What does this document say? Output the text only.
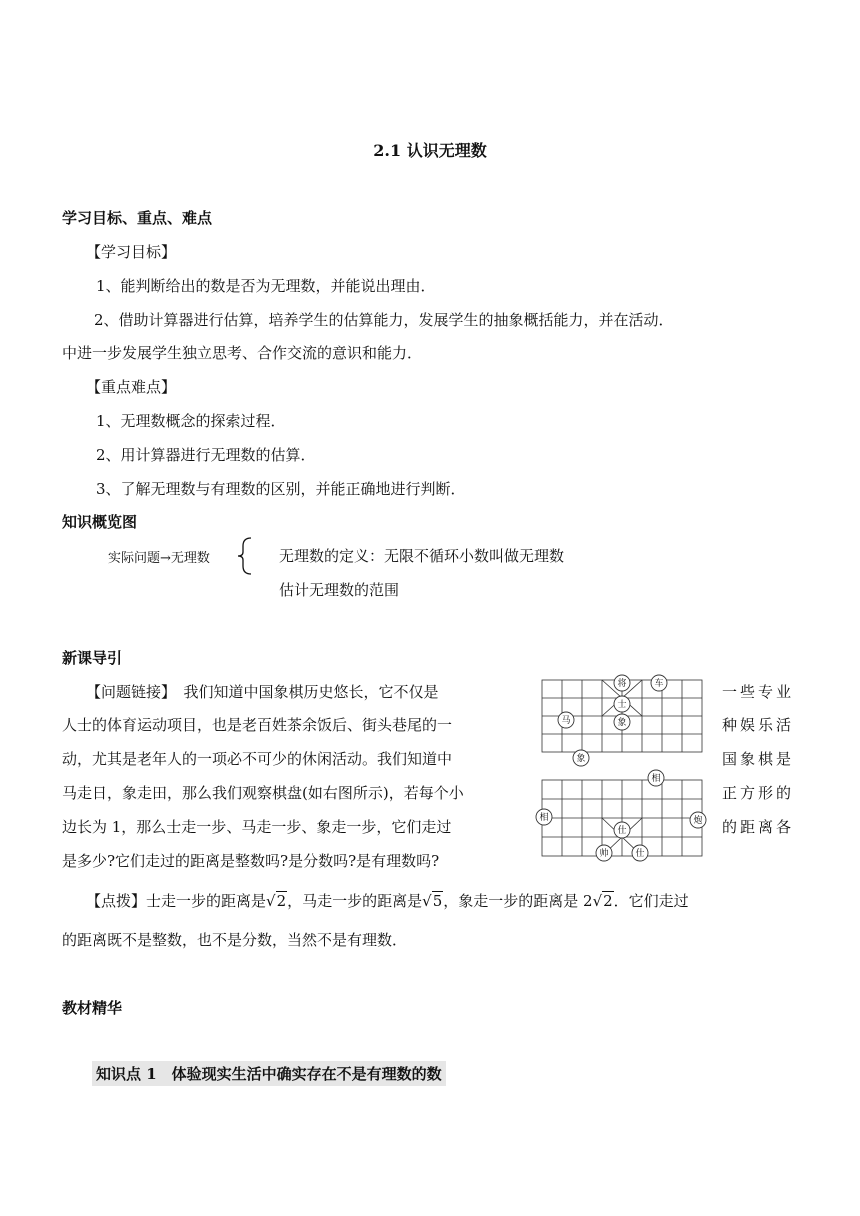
2.1 认识无理数
学习目标、重点、难点
【学习目标】
1、能判断给出的数是否为无理数，并能说出理由．
2、借助计算器进行估算，培养学生的估算能力，发展学生的抽象概括能力，并在活动．
中进一步发展学生独立思考、合作交流的意识和能力．
【重点难点】
1、无理数概念的探索过程．
2、用计算器进行无理数的估算．
3、了解无理数与有理数的区别，并能正确地进行判断．
知识概览图
实际问题→无理数	无理数的定义：无限不循环小数叫做无理数
估计无理数的范围
新课导引
【问题链接】　我们知道中国象棋历史悠长，它不仅是	一些专业
人士的体育运动项目，也是老百姓茶余饭后、街头巷尾的一	种娱乐活
动，尤其是老年人的一项必不可少的休闲活动。我们知道中	国象棋是
马走日，象走田，那么我们观察棋盘(如右图所示)，若每个小	正方形的
边长为 1，那么士走一步、马走一步、象走一步，它们走过	的距离各
是多少?它们走过的距离是整数吗?是分数吗?是有理数吗?
将
士
车
马	象
象
相
相
仕
炮
帅	仕
【点拨】士走一步的距离是√2，马走一步的距离是√5，象走一步的距离是 2√2．它们走过
的距离既不是整数，也不是分数，当然不是有理数．
教材精华
知识点 1　体验现实生活中确实存在不是有理数的数
